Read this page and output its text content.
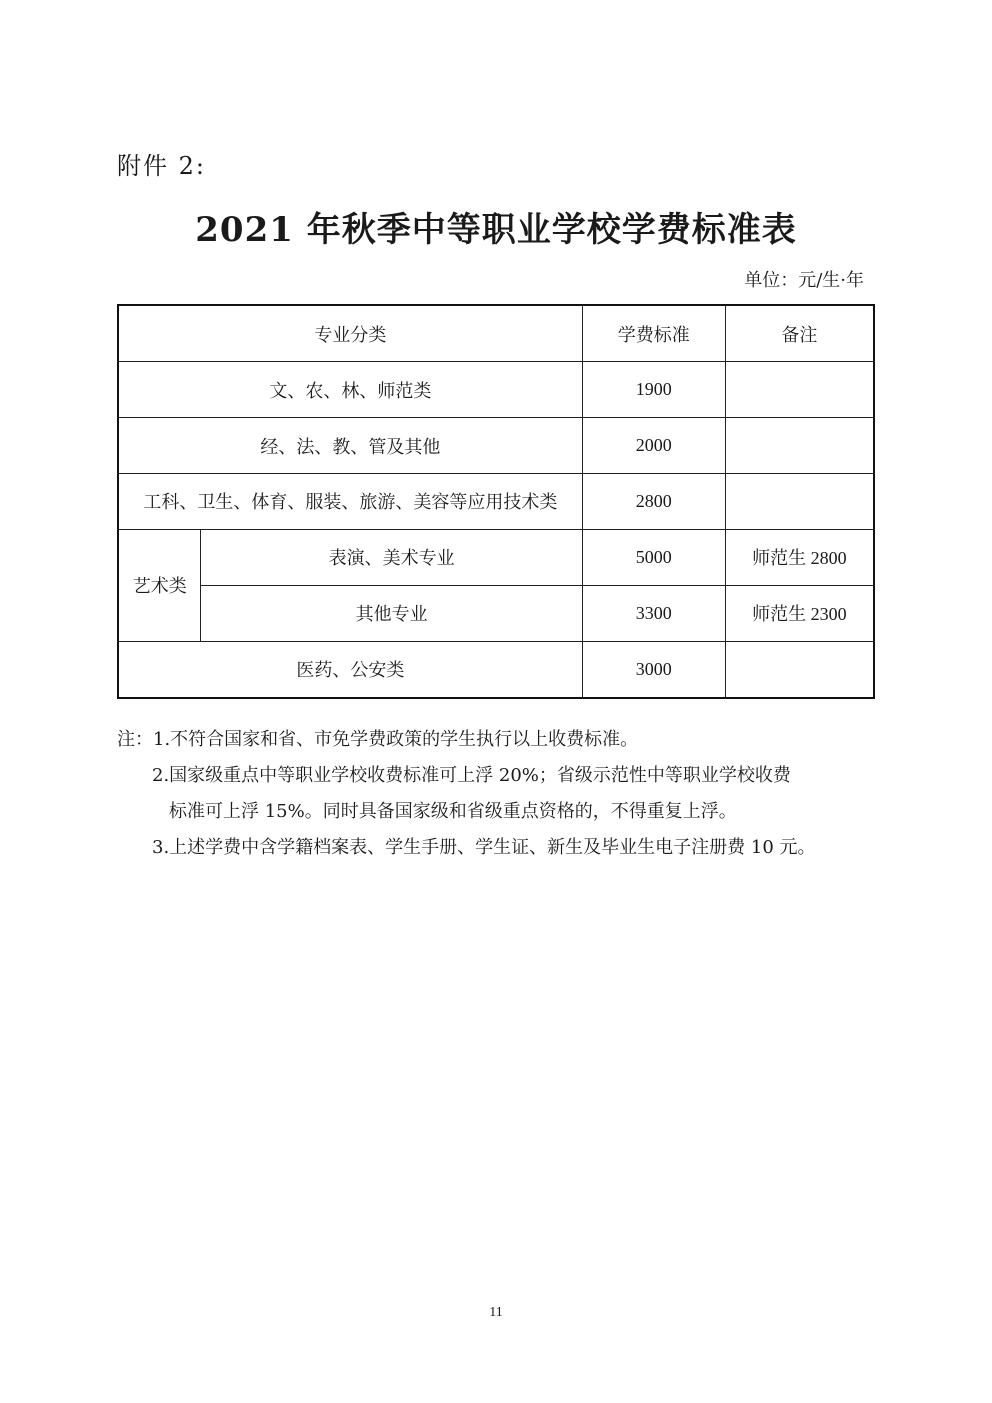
附件 2:
2021 年秋季中等职业学校学费标准表
单位：元/生·年
专业分类		学费标准	备注
文、农、林、师范类		1900	
经、法、教、管及其他		2000	
工科、卫生、体育、服装、旅游、美容等应用技术类		2800	
艺术类	表演、美术专业	5000	师范生 2800
	其他专业	3300	师范生 2300
医药、公安类		3000	
注：1.不符合国家和省、市免学费政策的学生执行以上收费标准。
2.国家级重点中等职业学校收费标准可上浮 20%；省级示范性中等职业学校收费
标准可上浮 15%。同时具备国家级和省级重点资格的，不得重复上浮。
3.上述学费中含学籍档案表、学生手册、学生证、新生及毕业生电子注册费 10 元。
11
